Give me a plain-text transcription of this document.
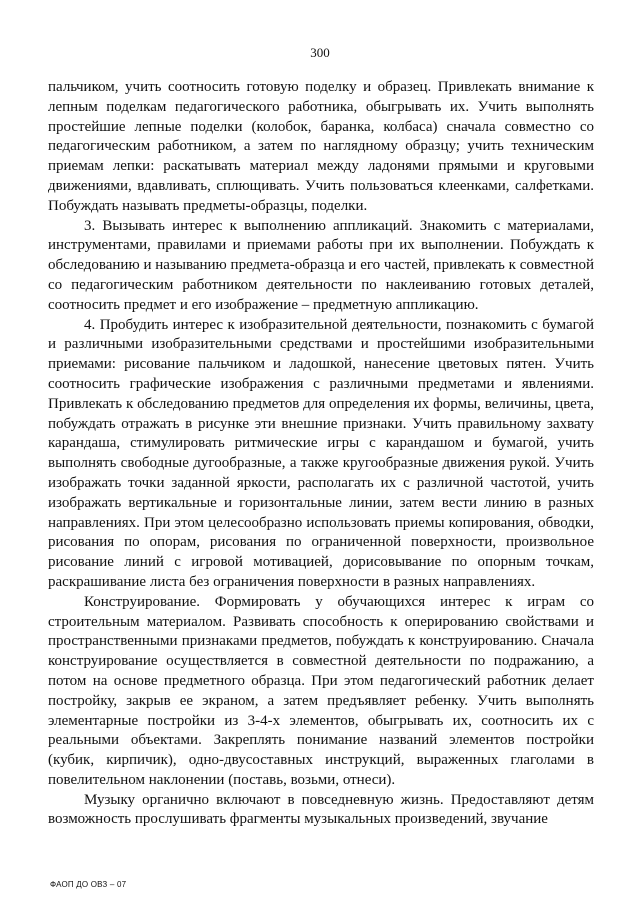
300

пальчиком, учить соотносить готовую поделку и образец. Привлекать внимание к лепным поделкам педагогического работника, обыгрывать их. Учить выполнять простейшие лепные поделки (колобок, баранка, колбаса) сначала совместно со педагогическим работником, а затем по наглядному образцу; учить техническим приемам лепки: раскатывать материал между ладонями прямыми и круговыми движениями, вдавливать, сплющивать. Учить пользоваться клеенками, салфетками. Побуждать называть предметы-образцы, поделки.

3. Вызывать интерес к выполнению аппликаций. Знакомить с материалами, инструментами, правилами и приемами работы при их выполнении. Побуждать к обследованию и называнию предмета-образца и его частей, привлекать к совместной со педагогическим работником деятельности по наклеиванию готовых деталей, соотносить предмет и его изображение – предметную аппликацию.

4. Пробудить интерес к изобразительной деятельности, познакомить с бумагой и различными изобразительными средствами и простейшими изобразительными приемами: рисование пальчиком и ладошкой, нанесение цветовых пятен. Учить соотносить графические изображения с различными предметами и явлениями. Привлекать к обследованию предметов для определения их формы, величины, цвета, побуждать отражать в рисунке эти внешние признаки. Учить правильному захвату карандаша, стимулировать ритмические игры с карандашом и бумагой, учить выполнять свободные дугообразные, а также кругообразные движения рукой. Учить изображать точки заданной яркости, располагать их с различной частотой, учить изображать вертикальные и горизонтальные линии, затем вести линию в разных направлениях. При этом целесообразно использовать приемы копирования, обводки, рисования по опорам, рисования по ограниченной поверхности, произвольное рисование линий с игровой мотивацией, дорисовывание по опорным точкам, раскрашивание листа без ограничения поверхности в разных направлениях.

Конструирование. Формировать у обучающихся интерес к играм со строительным материалом. Развивать способность к оперированию свойствами и пространственными признаками предметов, побуждать к конструированию. Сначала конструирование осуществляется в совместной деятельности по подражанию, а потом на основе предметного образца. При этом педагогический работник делает постройку, закрыв ее экраном, а затем предъявляет ребенку. Учить выполнять элементарные постройки из 3-4-х элементов, обыгрывать их, соотносить их с реальными объектами. Закреплять понимание названий элементов постройки (кубик, кирпичик), одно-двусоставных инструкций, выраженных глаголами в повелительном наклонении (поставь, возьми, отнеси).

Музыку органично включают в повседневную жизнь. Предоставляют детям возможность прослушивать фрагменты музыкальных произведений, звучание

ФАОП ДО ОВЗ – 07
